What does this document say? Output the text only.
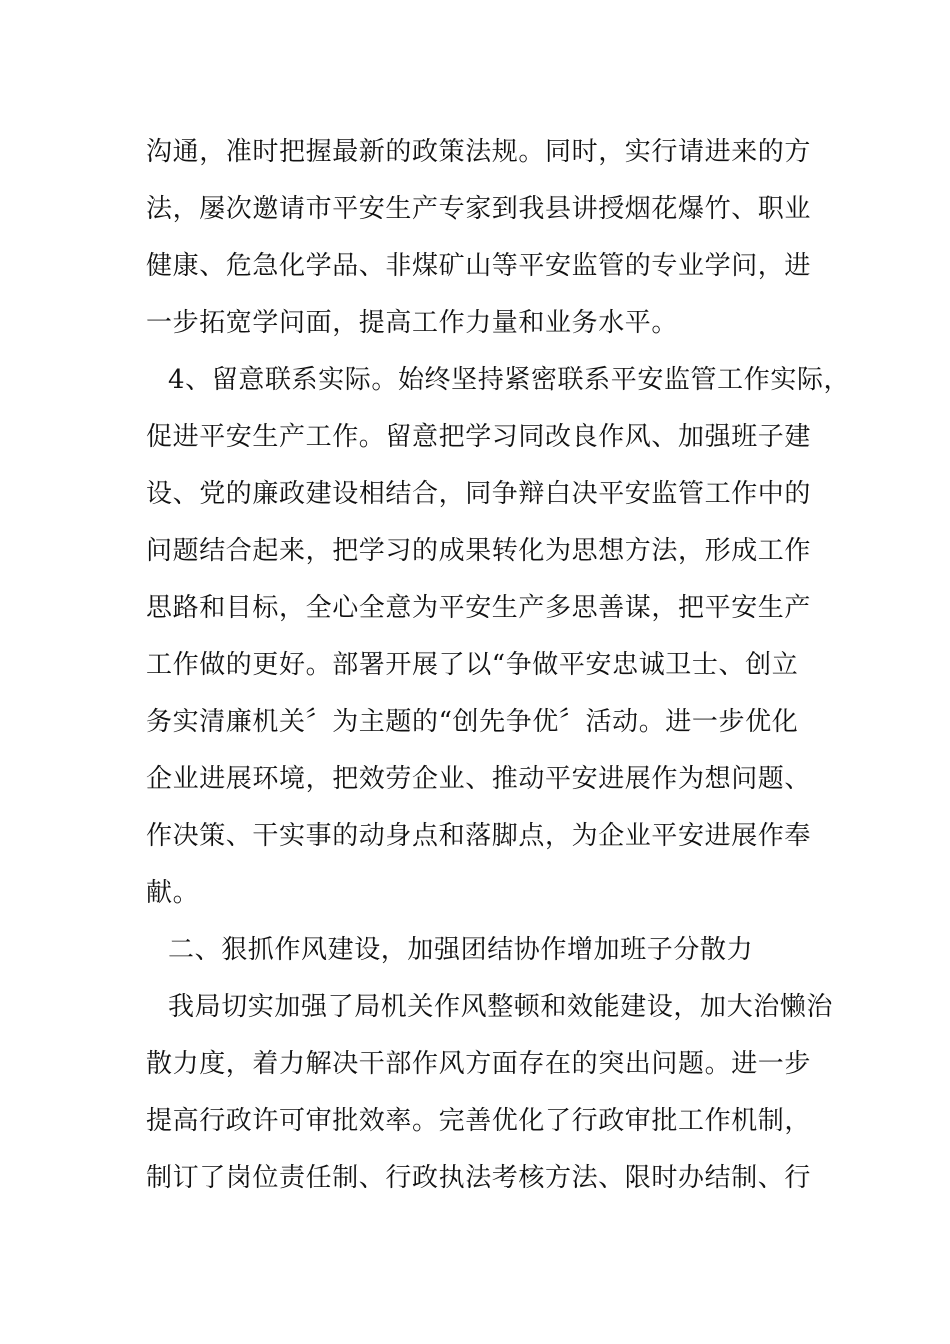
沟通，准时把握最新的政策法规。同时，实行请进来的方
法，屡次邀请市平安生产专家到我县讲授烟花爆竹、职业
健康、危急化学品、非煤矿山等平安监管的专业学问，进
一步拓宽学问面，提高工作力量和业务水平。
4、留意联系实际。始终坚持紧密联系平安监管工作实际，
促进平安生产工作。留意把学习同改良作风、加强班子建
设、党的廉政建设相结合，同争辩白决平安监管工作中的
问题结合起来，把学习的成果转化为思想方法，形成工作
思路和目标，全心全意为平安生产多思善谋，把平安生产
工作做的更好。部署开展了以“争做平安忠诚卫士、创立
务实清廉机关〞为主题的“创先争优〞活动。进一步优化
企业进展环境，把效劳企业、推动平安进展作为想问题、
作决策、干实事的动身点和落脚点，为企业平安进展作奉
献。
二、狠抓作风建设，加强团结协作增加班子分散力
我局切实加强了局机关作风整顿和效能建设，加大治懒治
散力度，着力解决干部作风方面存在的突出问题。进一步
提高行政许可审批效率。完善优化了行政审批工作机制，
制订了岗位责任制、行政执法考核方法、限时办结制、行
